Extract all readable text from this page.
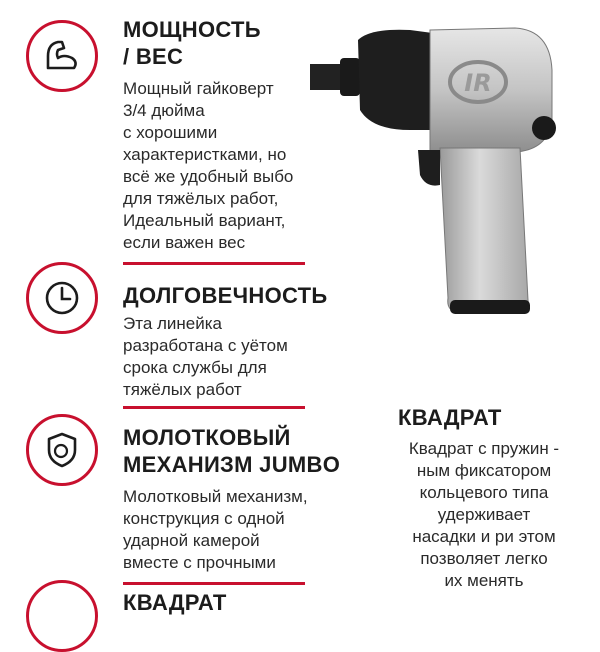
IR
МОЩНОСТЬ
/ ВЕС
Мощный гайковерт
3/4 дюйма
с хорошими
характеристками, но
всё же удобный выбо
для тяжёлых работ,
Идеальный вариант,
если важен вес
ДОЛГОВЕЧНОСТЬ
Эта линейка
разработана с уётом
срока службы для
тяжёлых работ
МОЛОТКОВЫЙ
МЕХАНИЗМ JUMBO
Молотковый механизм,
конструкция с одной
ударной камерой
вместе с прочными
КВАДРАТ
КВАДРАТ
Квадрат с пружин -
ным фиксатором
кольцевого типа
удерживает
насадки и ри этом
позволяет легко
их менять
